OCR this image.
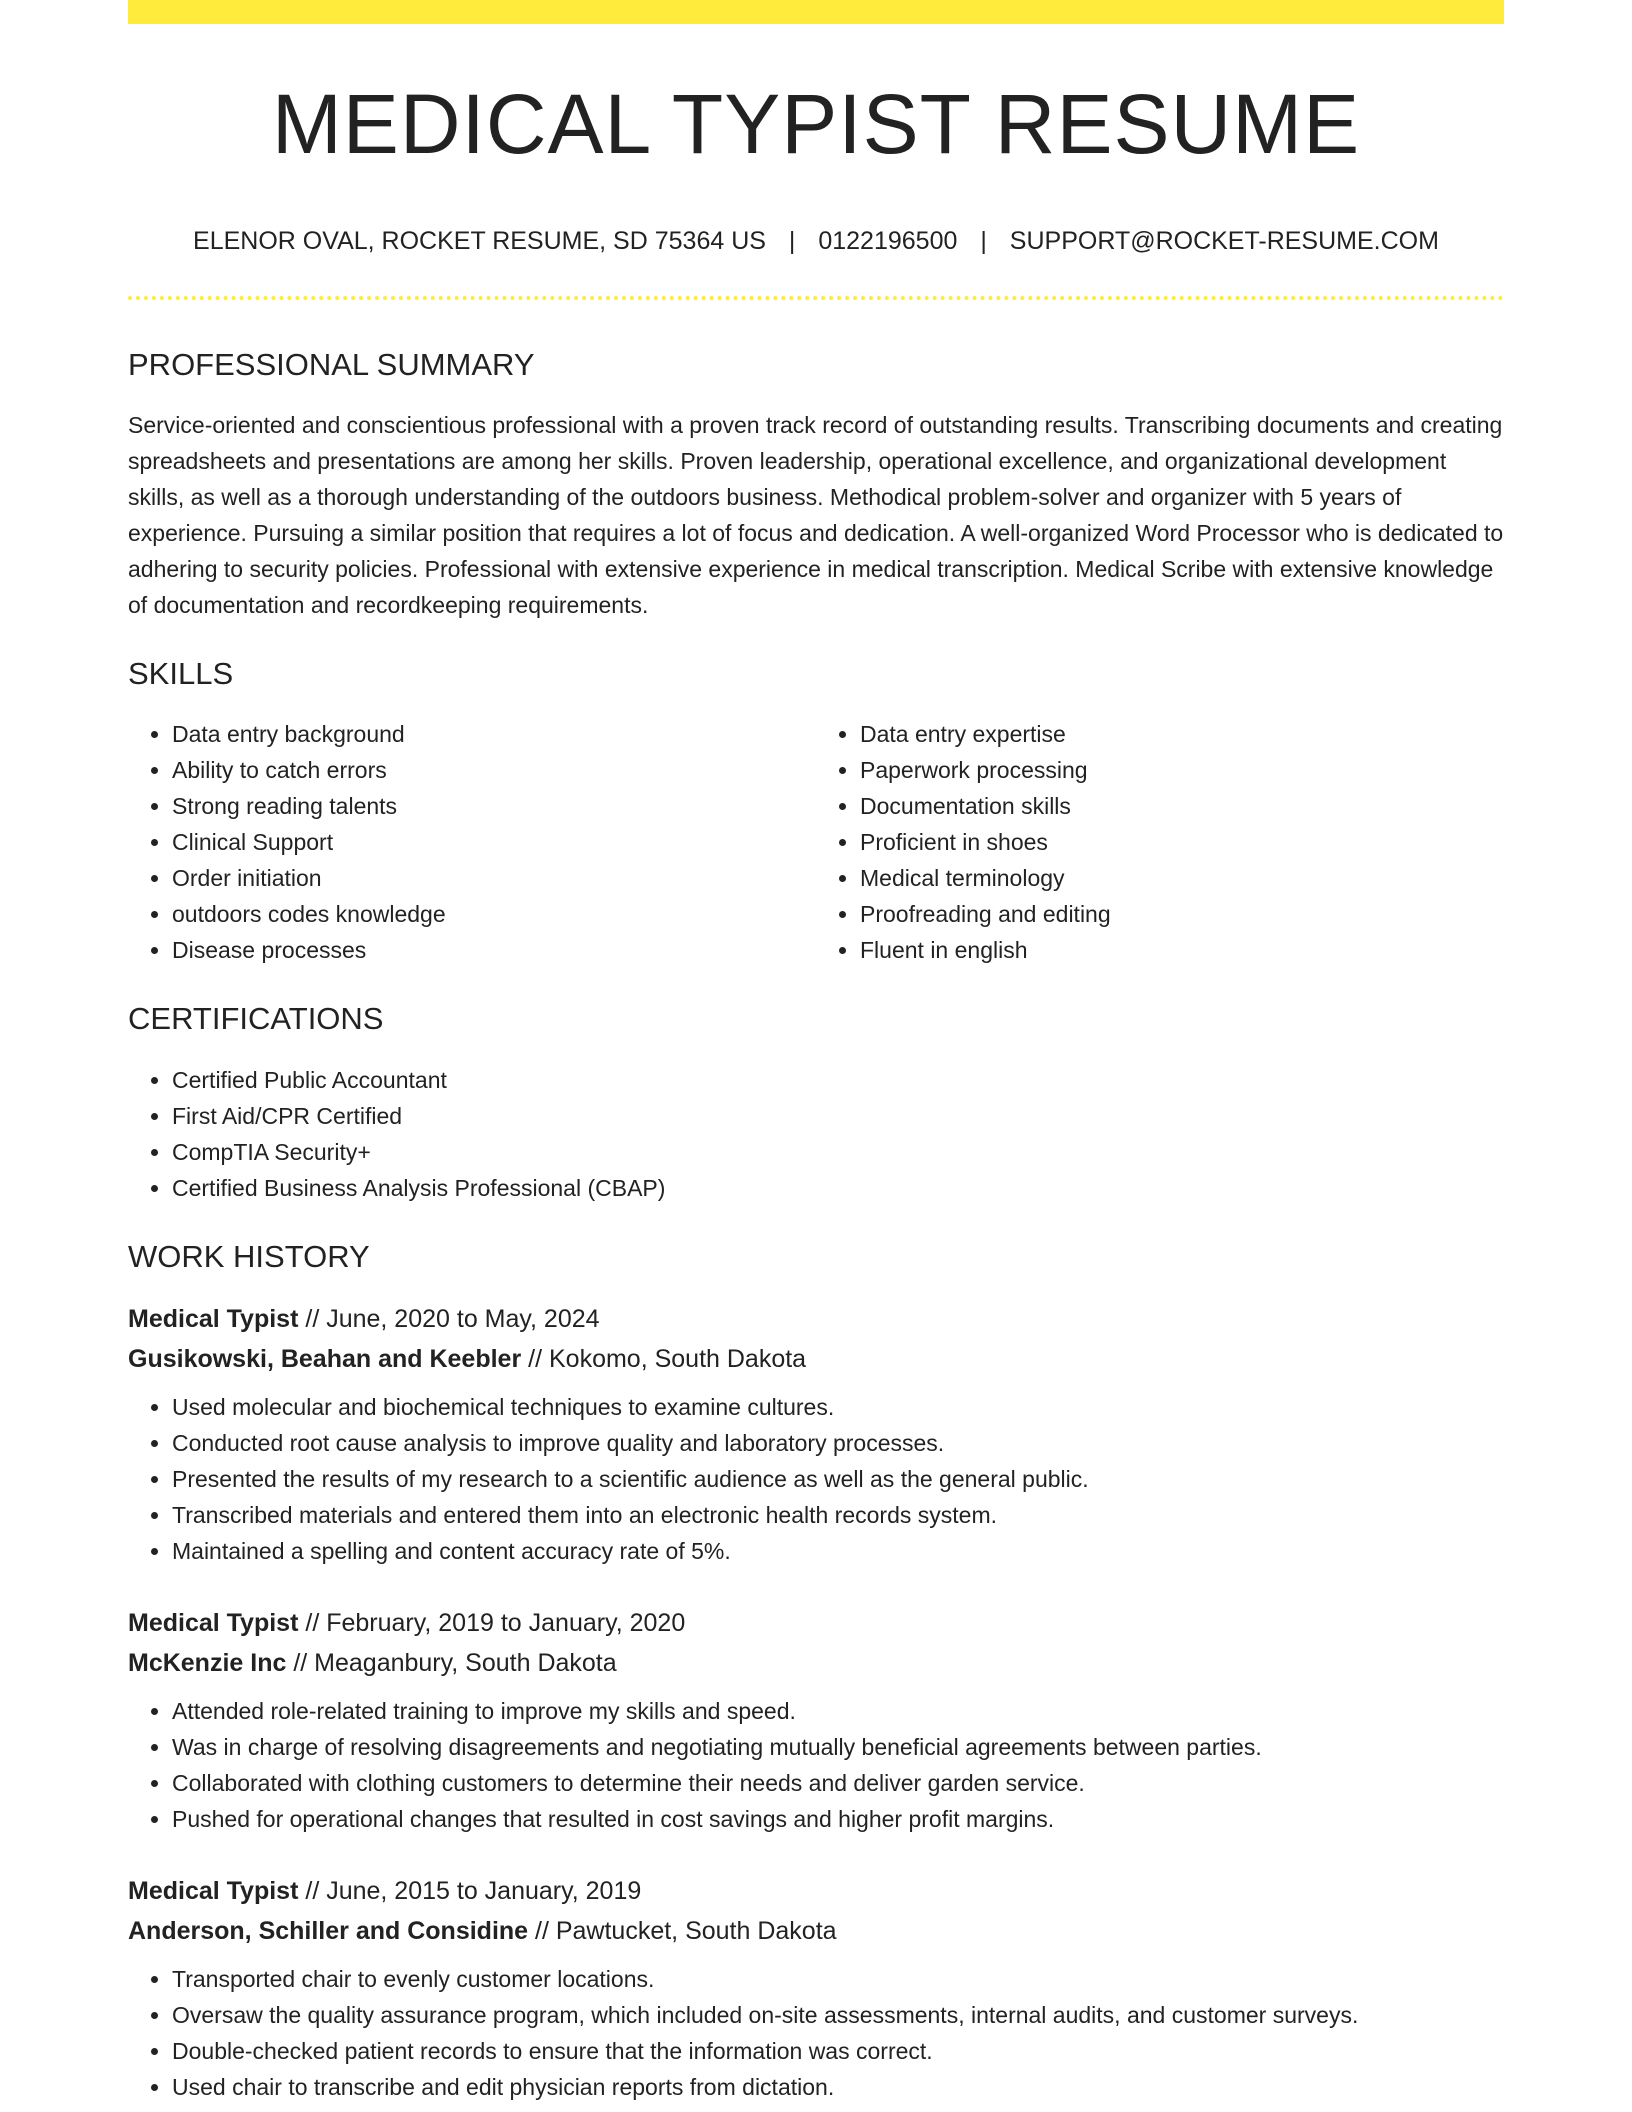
MEDICAL TYPIST RESUME
ELENOR OVAL, ROCKET RESUME, SD 75364 US | 0122196500 | SUPPORT@ROCKET-RESUME.COM
PROFESSIONAL SUMMARY

Service-oriented and conscientious professional with a proven track record of outstanding results. Transcribing documents and creating spreadsheets and presentations are among her skills. Proven leadership, operational excellence, and organizational development skills, as well as a thorough understanding of the outdoors business. Methodical problem-solver and organizer with 5 years of experience. Pursuing a similar position that requires a lot of focus and dedication. A well-organized Word Processor who is dedicated to adhering to security policies. Professional with extensive experience in medical transcription. Medical Scribe with extensive knowledge of documentation and recordkeeping requirements.

SKILLS
• Data entry background
• Ability to catch errors
• Strong reading talents
• Clinical Support
• Order initiation
• outdoors codes knowledge
• Disease processes
• Data entry expertise
• Paperwork processing
• Documentation skills
• Proficient in shoes
• Medical terminology
• Proofreading and editing
• Fluent in english
CERTIFICATIONS
• Certified Public Accountant
• First Aid/CPR Certified
• CompTIA Security+
• Certified Business Analysis Professional (CBAP)
WORK HISTORY
Medical Typist // June, 2020 to May, 2024
Gusikowski, Beahan and Keebler // Kokomo, South Dakota
• Used molecular and biochemical techniques to examine cultures.
• Conducted root cause analysis to improve quality and laboratory processes.
• Presented the results of my research to a scientific audience as well as the general public.
• Transcribed materials and entered them into an electronic health records system.
• Maintained a spelling and content accuracy rate of 5%.
Medical Typist // February, 2019 to January, 2020
McKenzie Inc // Meaganbury, South Dakota
• Attended role-related training to improve my skills and speed.
• Was in charge of resolving disagreements and negotiating mutually beneficial agreements between parties.
• Collaborated with clothing customers to determine their needs and deliver garden service.
• Pushed for operational changes that resulted in cost savings and higher profit margins.
Medical Typist // June, 2015 to January, 2019
Anderson, Schiller and Considine // Pawtucket, South Dakota
• Transported chair to evenly customer locations.
• Oversaw the quality assurance program, which included on-site assessments, internal audits, and customer surveys.
• Double-checked patient records to ensure that the information was correct.
• Used chair to transcribe and edit physician reports from dictation.
